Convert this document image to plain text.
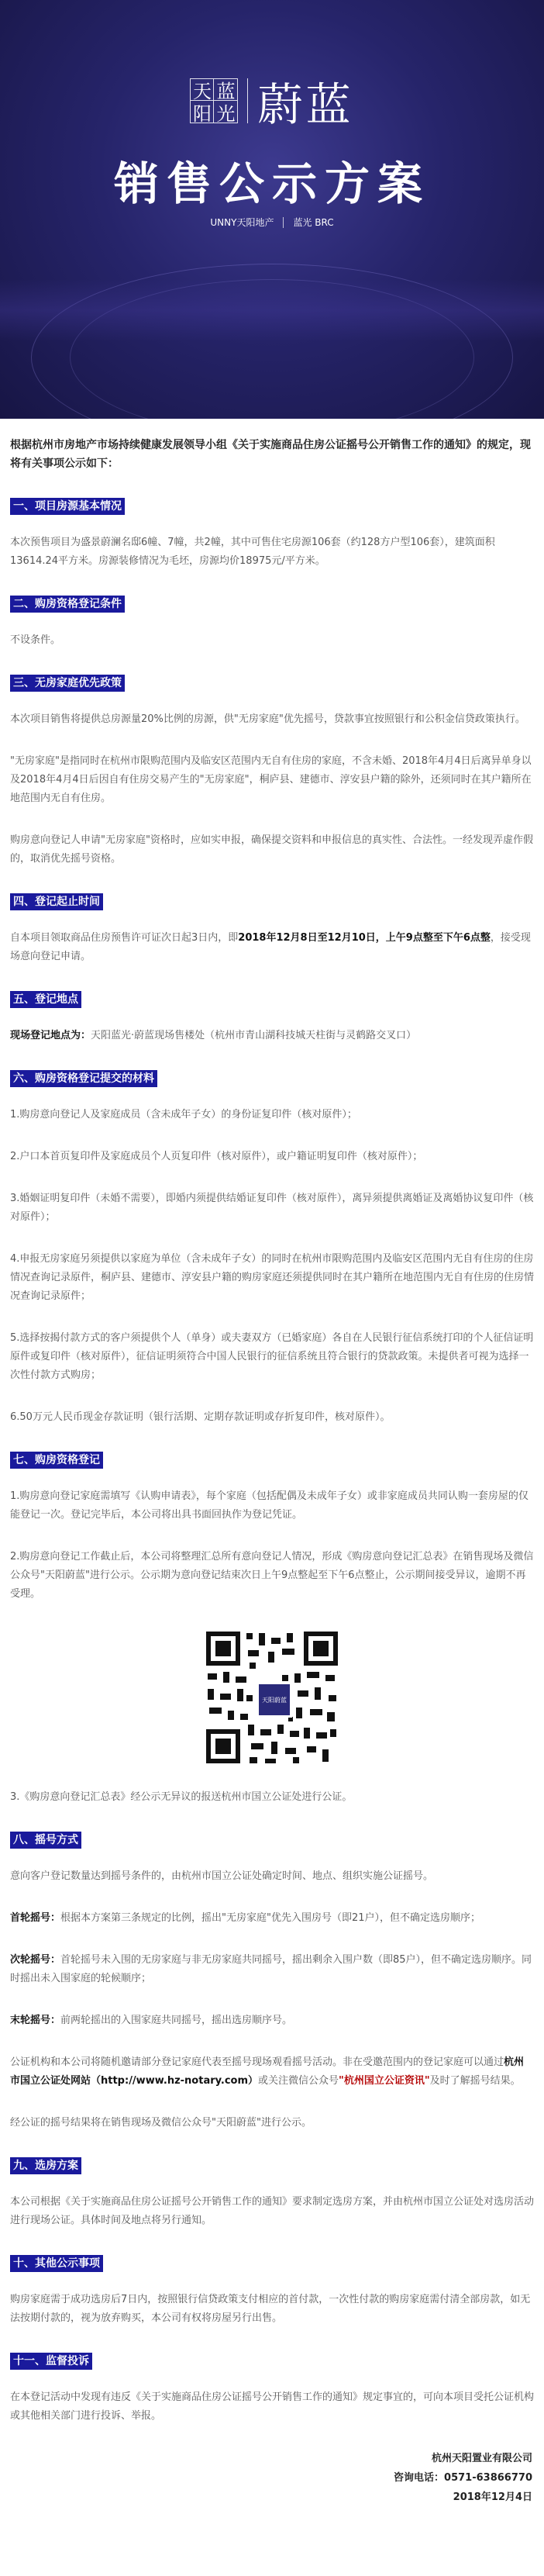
天 蓝
阳 光 蔚蓝
销售公示方案
UNNY天阳地产 蓝光 BRC

根据杭州市房地产市场持续健康发展领导小组《关于实施商品住房公证摇号公开销售工作的通知》的规定，现将有关事项公示如下：

一、项目房源基本情况

本次预售项目为盛景蔚澜名邸6幢、7幢，共2幢，其中可售住宅房源106套（约128方户型106套），建筑面积13614.24平方米。房源装修情况为毛坯，房源均价18975元/平方米。

二、购房资格登记条件

不设条件。

三、无房家庭优先政策

本次项目销售将提供总房源量20%比例的房源，供"无房家庭"优先摇号，贷款事宜按照银行和公积金信贷政策执行。

"无房家庭"是指同时在杭州市限购范围内及临安区范围内无自有住房的家庭，不含未婚、2018年4月4日后离异单身以及2018年4月4日后因自有住房交易产生的"无房家庭"，桐庐县、建德市、淳安县户籍的除外，还须同时在其户籍所在地范围内无自有住房。

购房意向登记人申请"无房家庭"资格时，应如实申报，确保提交资料和申报信息的真实性、合法性。一经发现弄虚作假的，取消优先摇号资格。

四、登记起止时间

自本项目领取商品住房预售许可证次日起3日内，即2018年12月8日至12月10日，上午9点整至下午6点整，接受现场意向登记申请。

五、登记地点

现场登记地点为：天阳蓝光·蔚蓝现场售楼处（杭州市青山湖科技城天柱街与灵鹤路交叉口）

六、购房资格登记提交的材料

1.购房意向登记人及家庭成员（含未成年子女）的身份证复印件（核对原件）；

2.户口本首页复印件及家庭成员个人页复印件（核对原件），或户籍证明复印件（核对原件）；

3.婚姻证明复印件（未婚不需要），即婚内须提供结婚证复印件（核对原件），离异须提供离婚证及离婚协议复印件（核对原件）；

4.申报无房家庭另须提供以家庭为单位（含未成年子女）的同时在杭州市限购范围内及临安区范围内无自有住房的住房情况查询记录原件，桐庐县、建德市、淳安县户籍的购房家庭还须提供同时在其户籍所在地范围内无自有住房的住房情况查询记录原件；

5.选择按揭付款方式的客户须提供个人（单身）或夫妻双方（已婚家庭）各自在人民银行征信系统打印的个人征信证明原件或复印件（核对原件），征信证明须符合中国人民银行的征信系统且符合银行的贷款政策。未提供者可视为选择一次性付款方式购房；

6.50万元人民币现金存款证明（银行活期、定期存款证明或存折复印件，核对原件）。

七、购房资格登记

1.购房意向登记家庭需填写《认购申请表》，每个家庭（包括配偶及未成年子女）或非家庭成员共同认购一套房屋的仅能登记一次。登记完毕后，本公司将出具书面回执作为登记凭证。

2.购房意向登记工作截止后，本公司将整理汇总所有意向登记人情况，形成《购房意向登记汇总表》在销售现场及微信公众号"天阳蔚蓝"进行公示。公示期为意向登记结束次日上午9点整起至下午6点整止，公示期间接受异议，逾期不再受理。

天阳蔚蓝

3.《购房意向登记汇总表》经公示无异议的报送杭州市国立公证处进行公证。

八、摇号方式

意向客户登记数量达到摇号条件的，由杭州市国立公证处确定时间、地点、组织实施公证摇号。

首轮摇号：根据本方案第三条规定的比例，摇出"无房家庭"优先入围房号（即21户），但不确定选房顺序；

次轮摇号：首轮摇号未入围的无房家庭与非无房家庭共同摇号，摇出剩余入围户数（即85户），但不确定选房顺序。同时摇出未入围家庭的轮候顺序；

末轮摇号：前两轮摇出的入围家庭共同摇号，摇出选房顺序号。

公证机构和本公司将随机邀请部分登记家庭代表至摇号现场观看摇号活动。非在受邀范围内的登记家庭可以通过杭州市国立公证处网站（http://www.hz-notary.com）或关注微信公众号"杭州国立公证资讯"及时了解摇号结果。

经公证的摇号结果将在销售现场及微信公众号"天阳蔚蓝"进行公示。

九、选房方案

本公司根据《关于实施商品住房公证摇号公开销售工作的通知》要求制定选房方案，并由杭州市国立公证处对选房活动进行现场公证。具体时间及地点将另行通知。

十、其他公示事项

购房家庭需于成功选房后7日内，按照银行信贷政策支付相应的首付款，一次性付款的购房家庭需付清全部房款，如无法按期付款的，视为放弃购买，本公司有权将房屋另行出售。

十一、监督投诉

在本登记活动中发现有违反《关于实施商品住房公证摇号公开销售工作的通知》规定事宜的，可向本项目受托公证机构或其他相关部门进行投诉、举报。

杭州天阳置业有限公司
咨询电话：0571-63866770
2018年12月4日
